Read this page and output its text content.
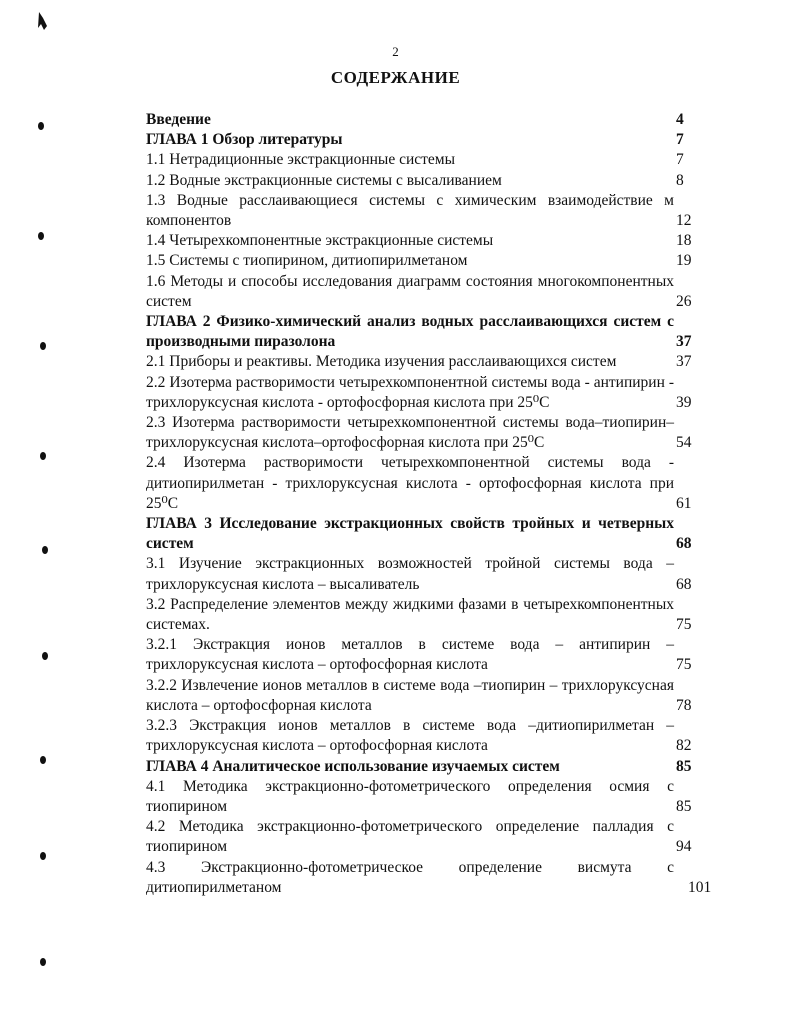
2
СОДЕРЖАНИЕ
Введение	4
ГЛАВА 1 Обзор литературы	7
1.1 Нетрадиционные экстракционные системы	7
1.2 Водные экстракционные системы с высаливанием	8
1.3 Водные расслаивающиеся системы с химическим взаимодействие м компонентов	12
1.4 Четырехкомпонентные экстракционные системы	18
1.5 Системы с тиопирином, дитиопирилметаном	19
1.6 Методы и способы исследования диаграмм состояния многокомпонентных систем	26
ГЛАВА 2 Физико-химический анализ водных расслаивающихся систем с производными пиразолона	37
2.1 Приборы и реактивы. Методика изучения расслаивающихся систем	37
2.2 Изотерма растворимости четырехкомпонентной системы вода - антипирин - трихлоруксусная кислота - ортофосфорная кислота при 25⁰С	39
2.3 Изотерма растворимости четырехкомпонентной системы вода–тиопирин–трихлоруксусная кислота–ортофосфорная кислота при 25⁰С	54
2.4 Изотерма растворимости четырехкомпонентной системы вода - дитиопирилметан - трихлоруксусная кислота - ортофосфорная кислота при 25⁰С	61
ГЛАВА 3 Исследование экстракционных свойств тройных и четверных систем	68
3.1 Изучение экстракционных возможностей тройной системы вода – трихлоруксусная кислота – высаливатель	68
3.2 Распределение элементов между жидкими фазами в четырехкомпонентных системах.	75
3.2.1 Экстракция ионов металлов в системе вода – антипирин – трихлоруксусная кислота – ортофосфорная кислота	75
3.2.2 Извлечение ионов металлов в системе вода –тиопирин – трихлоруксусная кислота – ортофосфорная кислота	78
3.2.3 Экстракция ионов металлов в системе вода –дитиопирилметан – трихлоруксусная кислота – ортофосфорная кислота	82
ГЛАВА 4 Аналитическое использование изучаемых систем	85
4.1 Методика экстракционно-фотометрического определения осмия с тиопирином	85
4.2 Методика экстракционно-фотометрического определение палладия с тиопирином	94
4.3 Экстракционно-фотометрическое определение висмута с дитиопирилметаном	101
